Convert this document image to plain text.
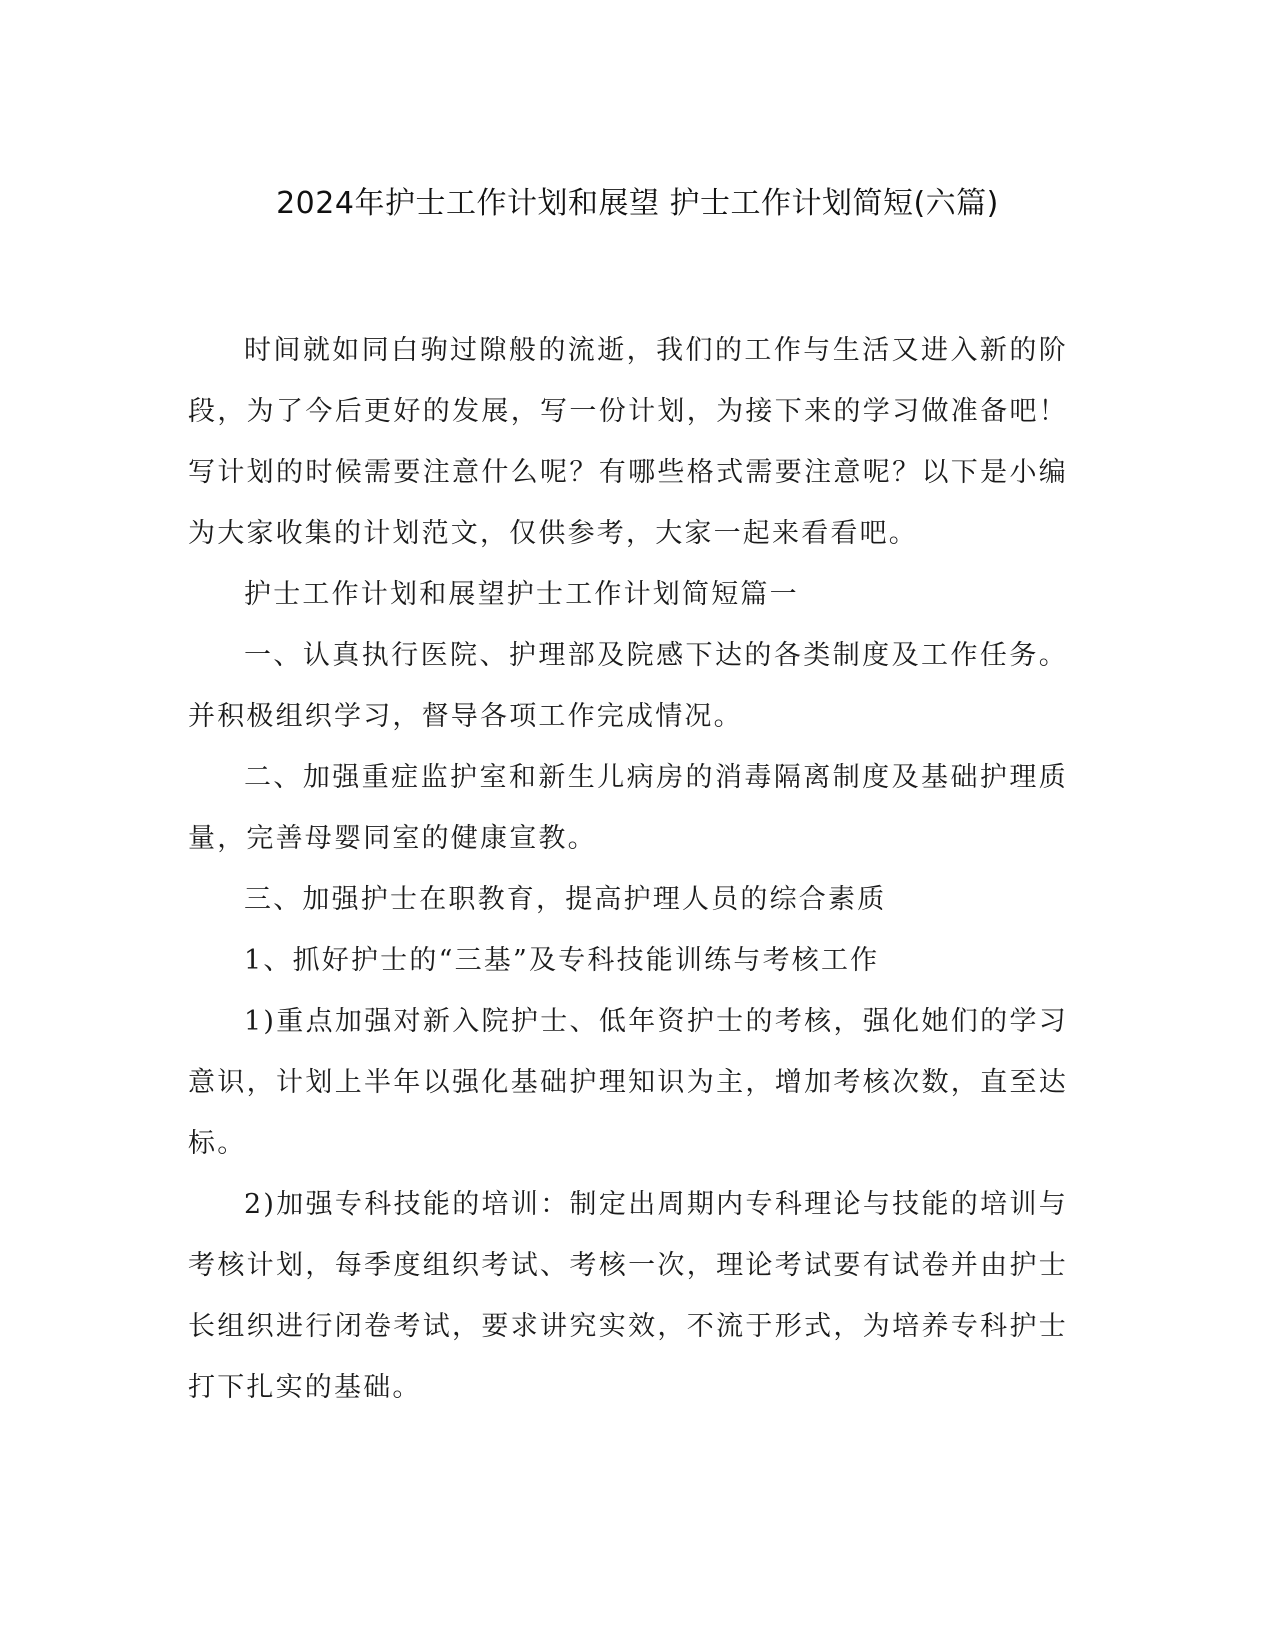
2024年护士工作计划和展望 护士工作计划简短(六篇)

时间就如同白驹过隙般的流逝，我们的工作与生活又进入新的阶段，为了今后更好的发展，写一份计划，为接下来的学习做准备吧！写计划的时候需要注意什么呢？有哪些格式需要注意呢？以下是小编为大家收集的计划范文，仅供参考，大家一起来看看吧。

护士工作计划和展望护士工作计划简短篇一

一、认真执行医院、护理部及院感下达的各类制度及工作任务。并积极组织学习，督导各项工作完成情况。

二、加强重症监护室和新生儿病房的消毒隔离制度及基础护理质量，完善母婴同室的健康宣教。

三、加强护士在职教育，提高护理人员的综合素质

1、抓好护士的“三基”及专科技能训练与考核工作

1)重点加强对新入院护士、低年资护士的考核，强化她们的学习意识，计划上半年以强化基础护理知识为主，增加考核次数，直至达标。

2)加强专科技能的培训：制定出周期内专科理论与技能的培训与考核计划，每季度组织考试、考核一次，理论考试要有试卷并由护士长组织进行闭卷考试，要求讲究实效，不流于形式，为培养专科护士打下扎实的基础。
